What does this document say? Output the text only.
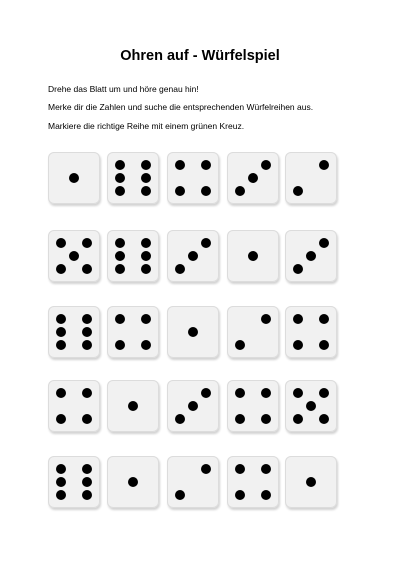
Ohren auf - Würfelspiel
Drehe das Blatt um und höre genau hin!
Merke dir die Zahlen und suche die entsprechenden Würfelreihen aus.
Markiere die richtige Reihe mit einem grünen Kreuz.
